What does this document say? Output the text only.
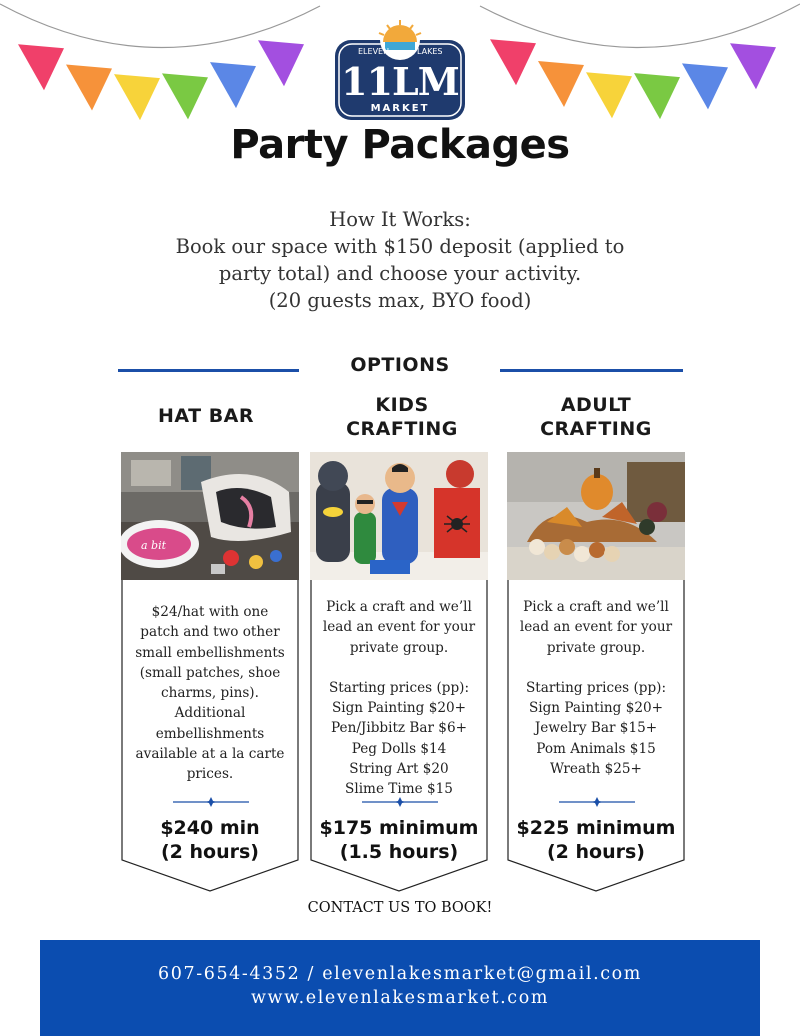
ELEVEN	LAKES
11LM
MARKET
Party Packages
How It Works:
Book our space with $150 deposit (applied to
party total) and choose your activity.
(20 guests max, BYO food)
OPTIONS
HAT BAR	KIDS
CRAFTING
ADULT
CRAFTING
a bit
$24/hat with one
patch and two other
small embellishments
(small patches, shoe
charms, pins).
Additional
embellishments
available at a la carte
prices.
$240 min
(2 hours)
Pick a craft and we’ll
lead an event for your
private group.
Starting prices (pp):
Sign Painting $20+
Pen/Jibbitz Bar $6+
Peg Dolls $14
String Art $20
Slime Time $15
$175 minimum
(1.5 hours)
Pick a craft and we’ll
lead an event for your
private group.
Starting prices (pp):
Sign Painting $20+
Jewelry Bar $15+
Pom Animals $15
Wreath $25+
$225 minimum
(2 hours)
CONTACT US TO BOOK!
607-654-4352 / elevenlakesmarket@gmail.com
www.elevenlakesmarket.com
